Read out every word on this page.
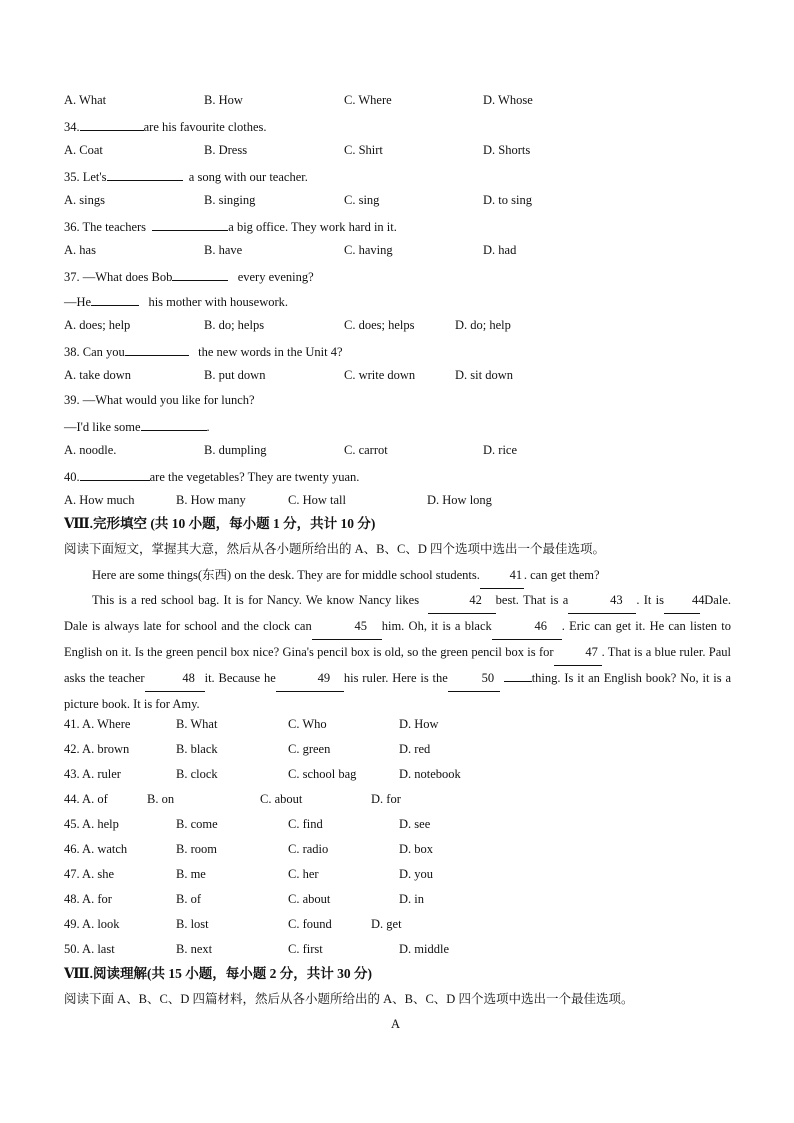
A. What	B. How	C. Where	D. Whose
34.	are his favourite clothes.
A. Coat	B. Dress	C. Shirt	D. Shorts
35. Let's	a song with our teacher.
A. sings	B. singing	C. sing	D. to sing
36. The teachers	a big office. They work hard in it.
A. has	B. have	C. having	D. had
37. —What does Bob	every evening?
—He	his mother with housework.
A. does; help	B. do; helps	C. does; helps	D. do; help
38. Can you	the new words in the Unit 4?
A. take down	B. put down	C. write down	D. sit down
39. —What would you like for lunch?
—I'd like some	.
A. noodle.	B. dumpling	C. carrot	D. rice
40.	are the vegetables? They are twenty yuan.
A. How much	B. How many	C. How tall	D. How long
Ⅷ.完形填空 (共 10 小题，每小题 1 分，共计 10 分)
阅读下面短文，掌握其大意，然后从各小题所给出的 A、B、C、D 四个选项中选出一个最佳选项。
Here are some things(东西) on the desk. They are for middle school students. 41 . can get them?
This is a red school bag. It is for Nancy. We know Nancy likes	42 best. That is a	43 . It is 44 Dale. Dale is always late for school and the clock can	45 him. Oh, it is a black	46 . Eric can get it. He can listen to English on it. Is the green pencil box nice? Gina's pencil box is old, so the green pencil box is for	47 . That is a blue ruler. Paul asks the teacher	48 it. Because he	49 his ruler. Here is the	50	thing. Is it an English book? No, it is a picture book. It is for Amy.
41. A. Where	B. What	C. Who	D. How
42. A. brown	B. black	C. green	D. red
43. A. ruler	B. clock	C. school bag	D. notebook
44. A. of	B. on	C. about	D. for
45. A. help	B. come	C. find	D. see
46. A. watch	B. room	C. radio	D. box
47. A. she	B. me	C. her	D. you
48. A. for	B. of	C. about	D. in
49. A. look	B. lost	C. found	D. get
50. A. last	B. next	C. first	D. middle
Ⅷ.阅读理解(共 15 小题，每小题 2 分，共计 30 分)
阅读下面 A、B、C、D 四篇材料，然后从各小题所给出的 A、B、C、D 四个选项中选出一个最佳选项。
A
